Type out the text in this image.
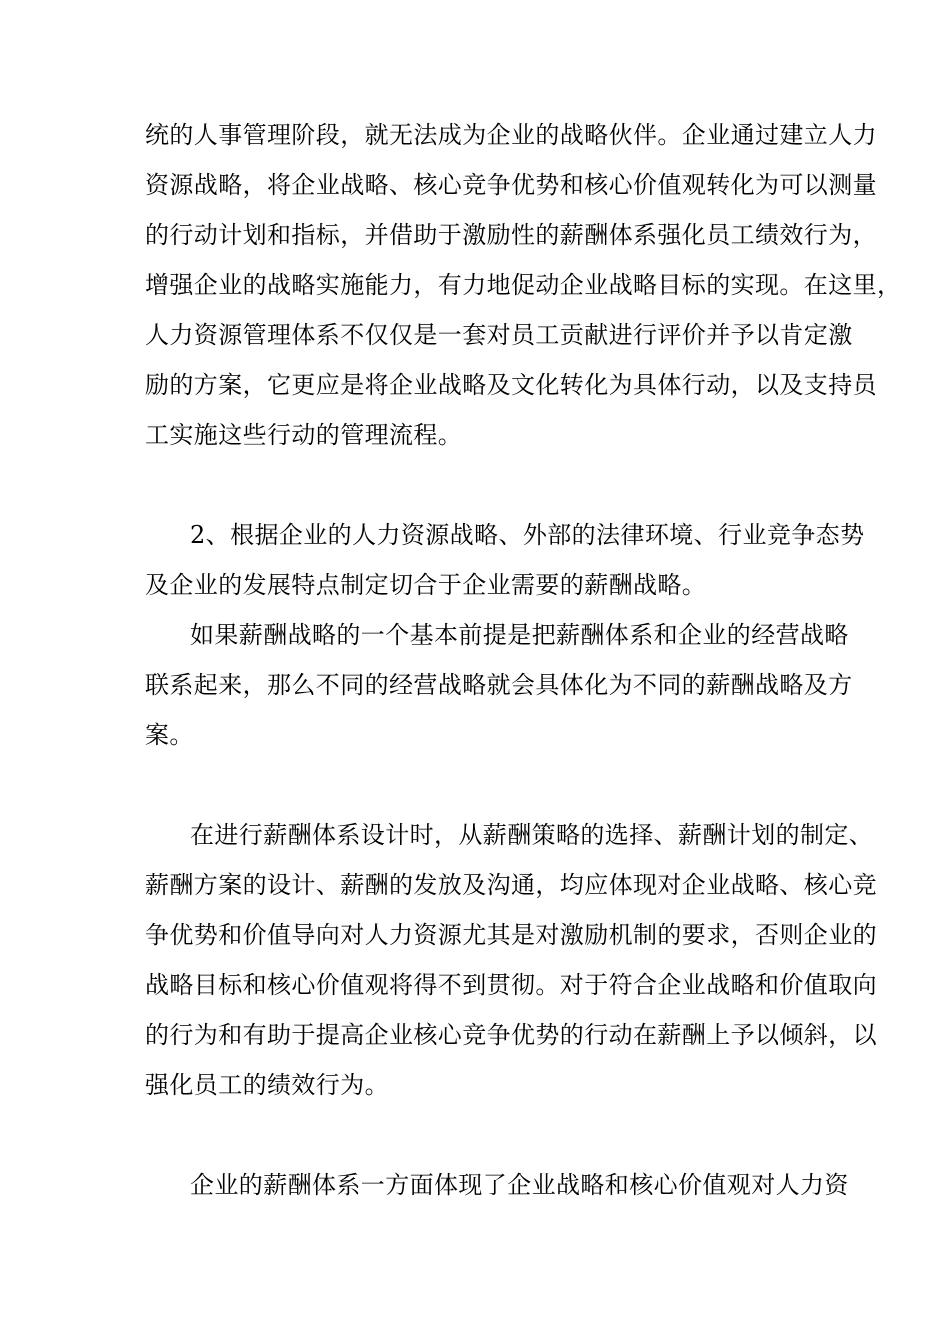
统的人事管理阶段，就无法成为企业的战略伙伴。企业通过建立人力

资源战略，将企业战略、核心竞争优势和核心价值观转化为可以测量

的行动计划和指标，并借助于激励性的薪酬体系强化员工绩效行为，

增强企业的战略实施能力，有力地促动企业战略目标的实现。在这里，

人力资源管理体系不仅仅是一套对员工贡献进行评价并予以肯定激

励的方案，它更应是将企业战略及文化转化为具体行动，以及支持员

工实施这些行动的管理流程。

2、根据企业的人力资源战略、外部的法律环境、行业竞争态势

及企业的发展特点制定切合于企业需要的薪酬战略。

如果薪酬战略的一个基本前提是把薪酬体系和企业的经营战略

联系起来，那么不同的经营战略就会具体化为不同的薪酬战略及方

案。

在进行薪酬体系设计时，从薪酬策略的选择、薪酬计划的制定、

薪酬方案的设计、薪酬的发放及沟通，均应体现对企业战略、核心竞

争优势和价值导向对人力资源尤其是对激励机制的要求，否则企业的

战略目标和核心价值观将得不到贯彻。对于符合企业战略和价值取向

的行为和有助于提高企业核心竞争优势的行动在薪酬上予以倾斜，以

强化员工的绩效行为。

企业的薪酬体系一方面体现了企业战略和核心价值观对人力资
